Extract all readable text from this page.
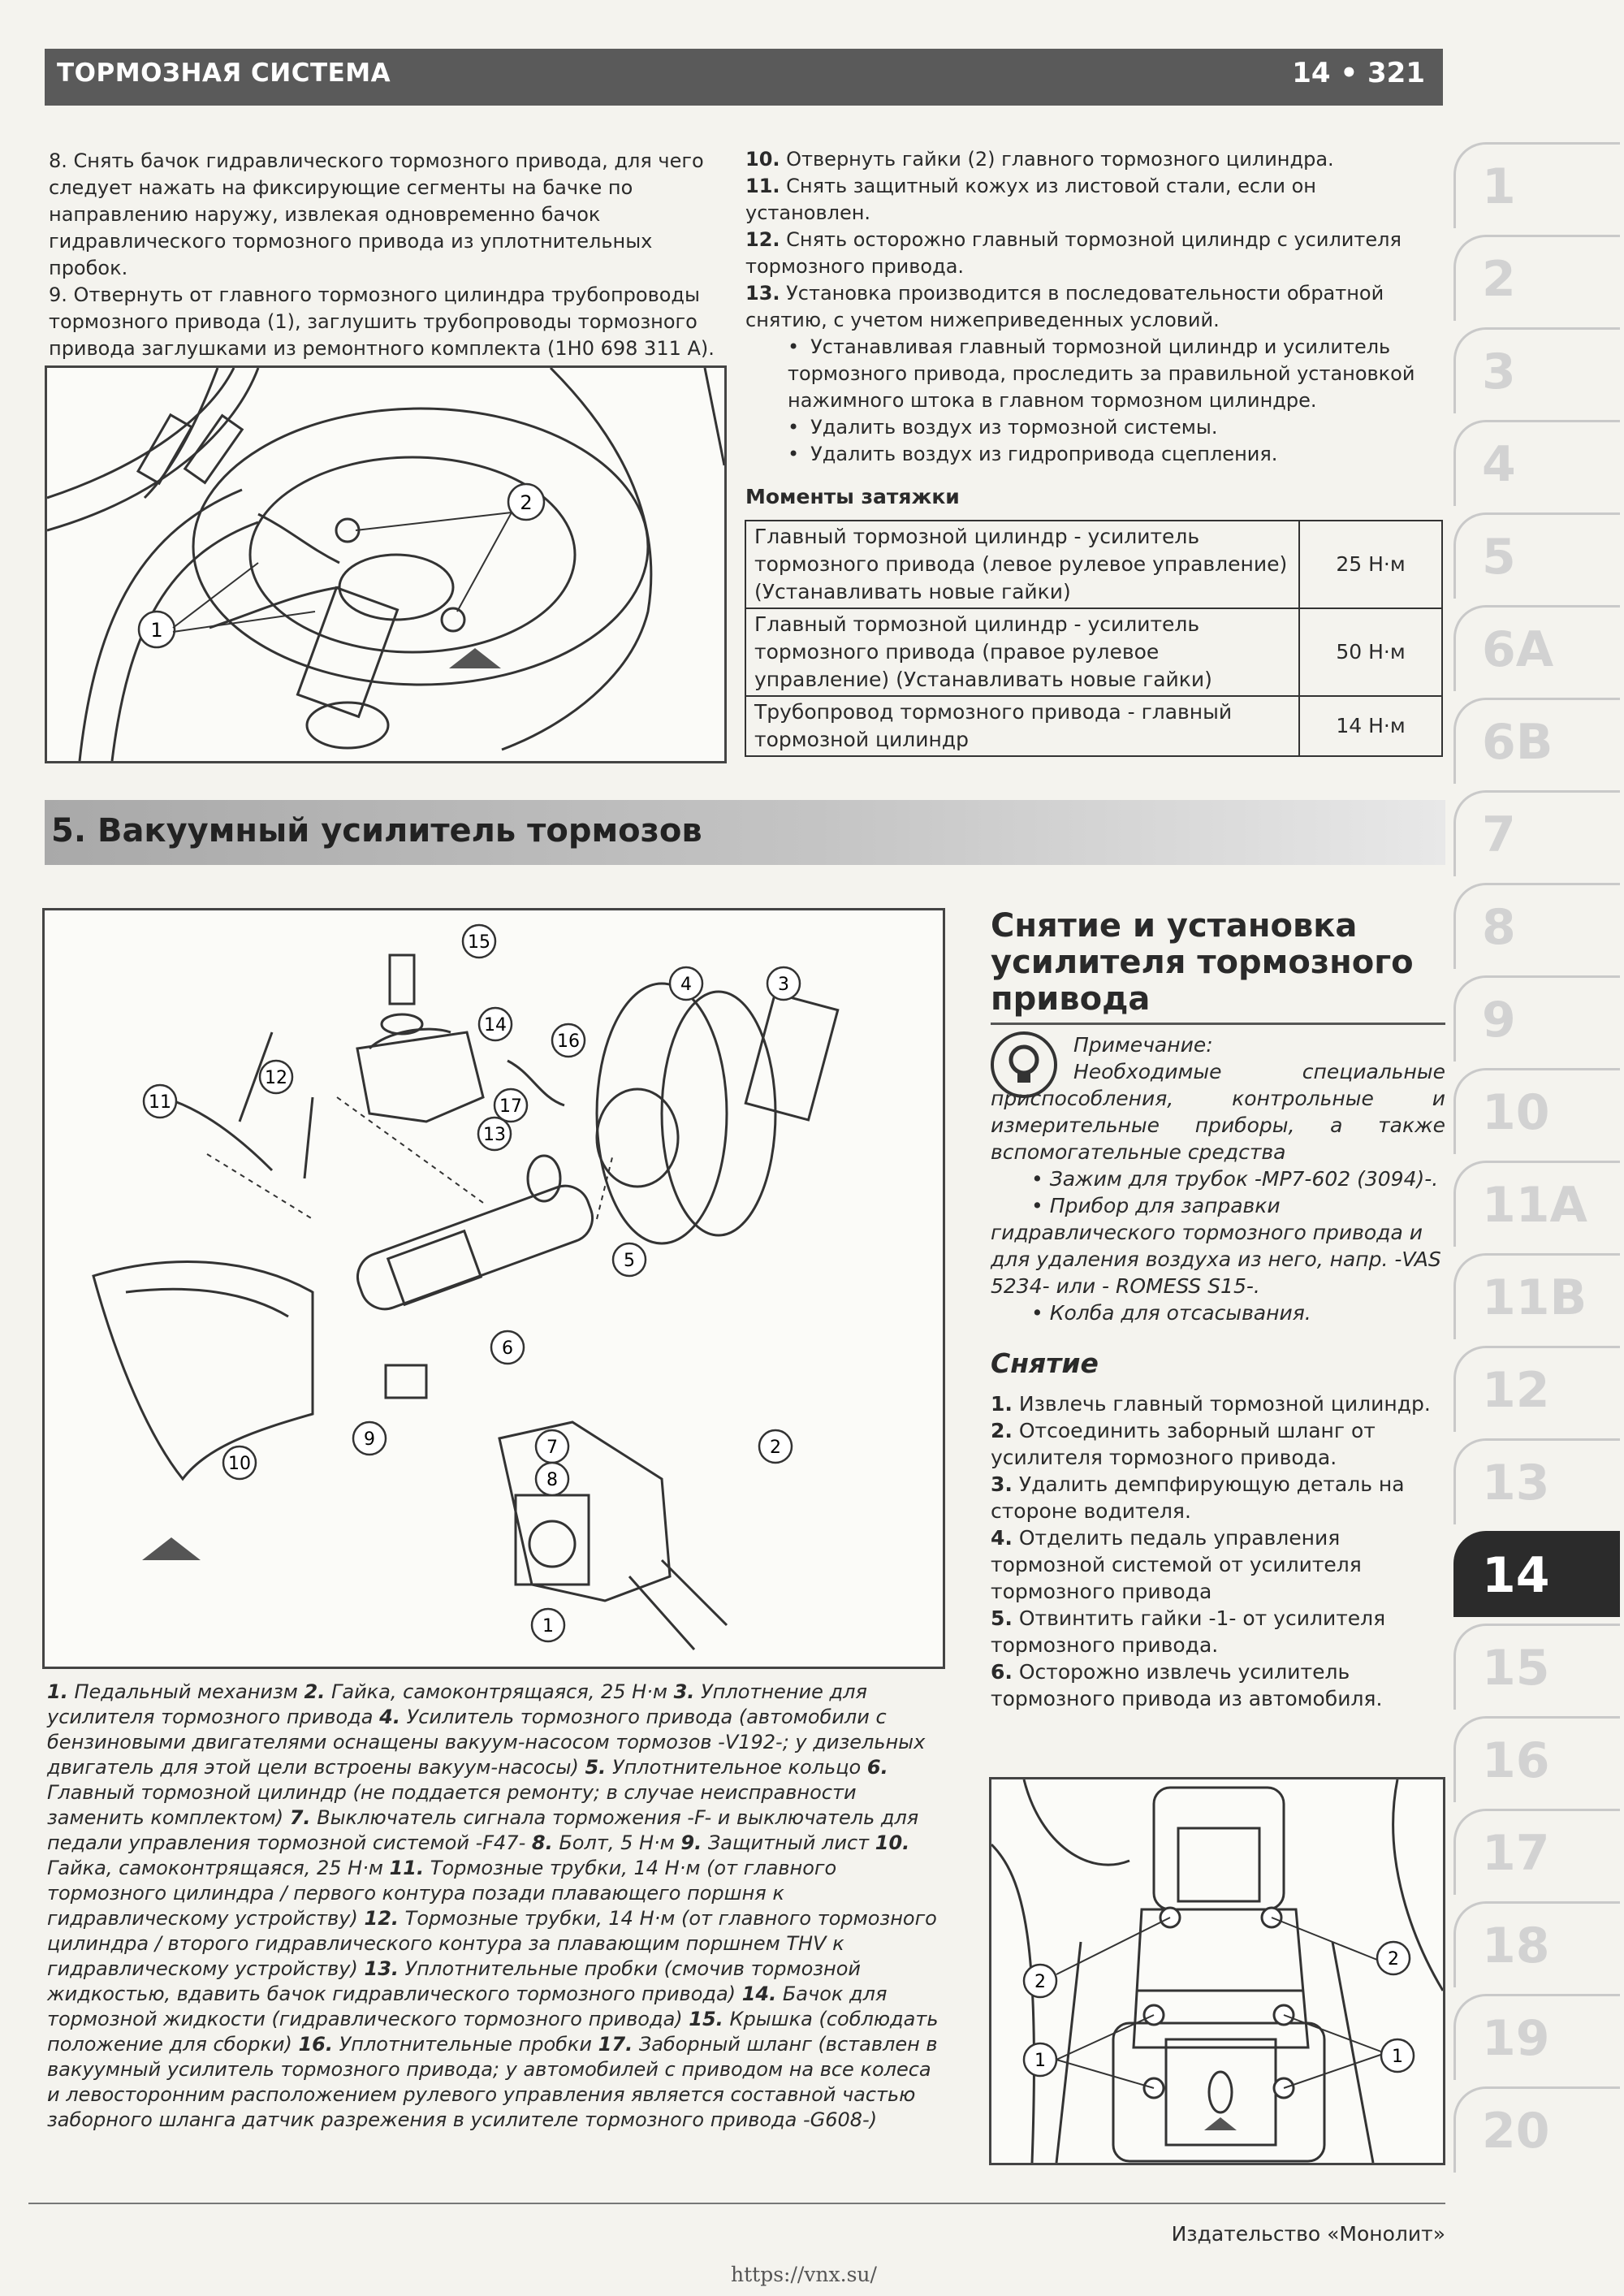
ТОРМОЗНАЯ СИСТЕМА	14 • 321
1
2
3
4
5
6A
6B
7
8
9
10
11A
11B
12
13
14
15
16
17
18
19
20

8. Снять бачок гидравлического тормозного привода, для чего следует нажать на фиксирующие сегменты на бачке по направлению наружу, извлекая одновременно бачок гидравлического тормозного привода из уплотнительных пробок.

9. Отвернуть от главного тормозного цилиндра трубопроводы тормозного привода (1), заглушить трубопроводы тормозного привода заглушками из ремонтного комплекта (1H0 698 311 A).

2
1

10. Отвернуть гайки (2) главного тормозного цилиндра.

11. Снять защитный кожух из листовой стали, если он установлен.

12. Снять осторожно главный тормозной цилиндр с усилителя тормозного привода.

13. Установка производится в последовательности обратной снятию, с учетом нижеприведенных условий.

• Устанавливая главный тормозной цилиндр и усилитель тормозного привода, проследить за правильной установкой нажимного штока в главном тормозном цилиндре.

• Удалить воздух из тормозной системы.

• Удалить воздух из гидропривода сцепления.

Моменты затяжки
Главный тормозной цилиндр - усилитель тормозного привода (левое рулевое управление) (Устанавливать новые гайки)	25 Н·м
Главный тормозной цилиндр - усилитель тормозного привода (правое рулевое управление) (Устанавливать новые гайки)	50 Н·м
Трубопровод тормозного привода - главный тормозной цилиндр	14 Н·м
5. Вакуумный усилитель тормозов
1
2
3
4
5
6
7
8
9
10
11
12
13
14
15
16
17
1. Педальный механизм 2. Гайка, самоконтрящаяся, 25 Н·м 3. Уплотнение для усилителя тормозного привода 4. Усилитель тормозного привода (автомобили с бензиновыми двигателями оснащены вакуум-насосом тормозов -V192-; у дизельных двигатель для этой цели встроены вакуум-насосы) 5. Уплотнительное кольцо 6. Главный тормозной цилиндр (не поддается ремонту; в случае неисправности заменить комплектом) 7. Выключатель сигнала торможения -F- и выключатель для педали управления тормозной системой -F47- 8. Болт, 5 Н·м 9. Защитный лист 10. Гайка, самоконтрящаяся, 25 Н·м 11. Тормозные трубки, 14 Н·м (от главного тормозного цилиндра / первого контура позади плавающего поршня к гидравлическому устройству) 12. Тормозные трубки, 14 Н·м (от главного тормозного цилиндра / второго гидравлического контура за плавающим поршнем THV к гидравлическому устройству) 13. Уплотнительные пробки (смочив тормозной жидкостью, вдавить бачок гидравлического тормозного привода) 14. Бачок для тормозной жидкости (гидравлического тормозного привода) 15. Крышка (соблюдать положение для сборки) 16. Уплотнительные пробки 17. Заборный шланг (вставлен в вакуумный усилитель тормозного привода; у автомобилей с приводом на все колеса и левосторонним расположением рулевого управления является составной частью заборного шланга датчик разрежения в усилителе тормозного привода -G608-)
Снятие и установка усилителя тормозного привода
Примечание:
Необходимые специальные приспособления, контрольные и измерительные приборы, а также вспомогательные средства
• Зажим для трубок -MP7-602 (3094)-.
• Прибор для заправки гидравлического тормозного привода и для удаления воздуха из него, напр. -VAS 5234- или - ROMESS S15-.
• Колба для отсасывания.
Снятие

1. Извлечь главный тормозной цилиндр.

2. Отсоединить заборный шланг от усилителя тормозного привода.

3. Удалить демпфирующую деталь на стороне водителя.

4. Отделить педаль управления тормозной системой от усилителя тормозного привода

5. Отвинтить гайки -1- от усилителя тормозного привода.

6. Осторожно извлечь усилитель тормозного привода из автомобиля.

2
2
1	1
Издательство «Монолит»
https://vnx.su/
